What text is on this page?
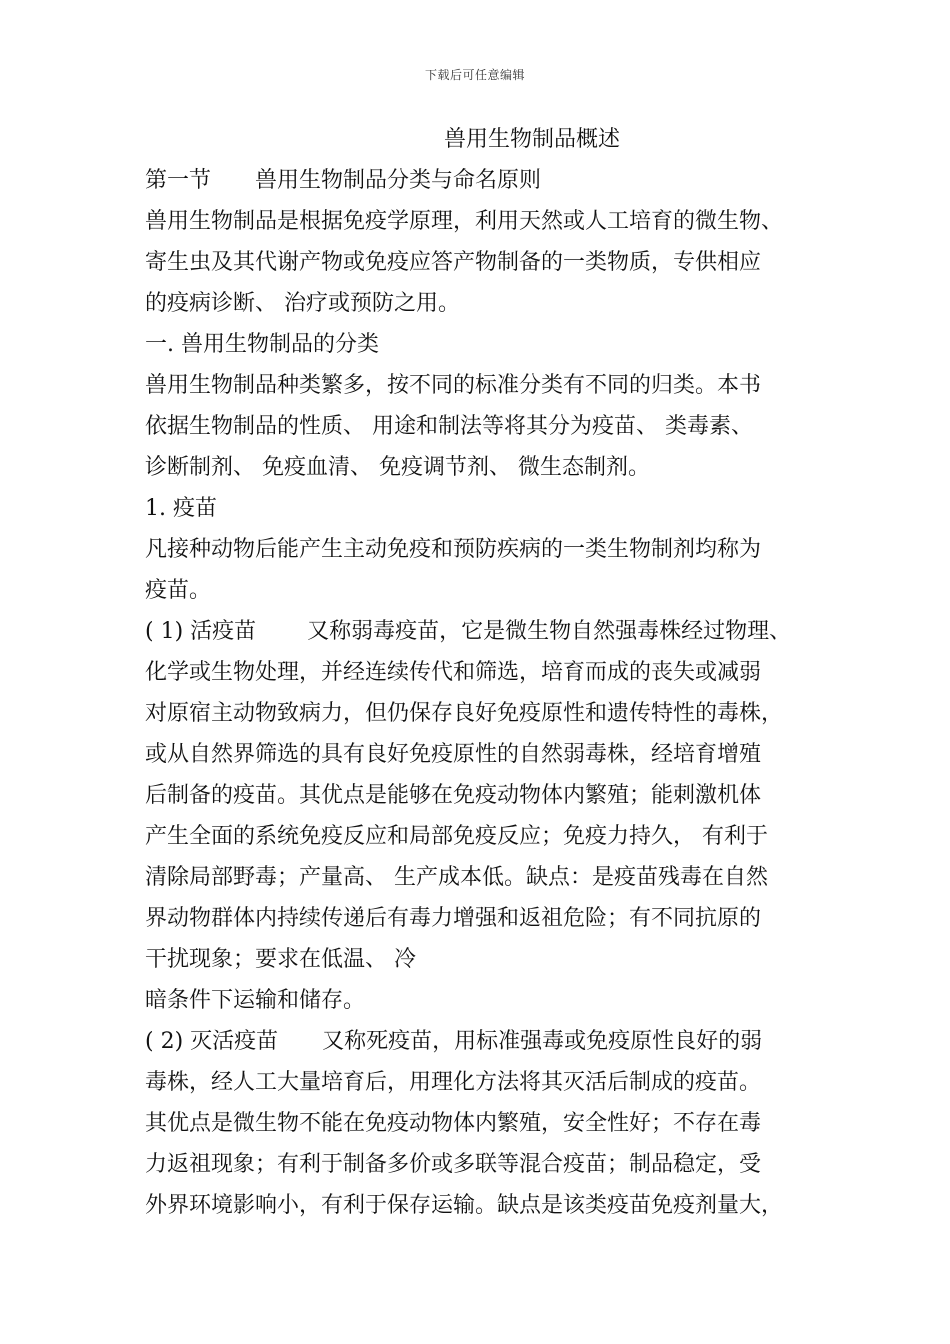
下载后可任意编辑
兽用生物制品概述
第一节　　兽用生物制品分类与命名原则
兽用生物制品是根据免疫学原理，利用天然或人工培育的微生物、
寄生虫及其代谢产物或免疫应答产物制备的一类物质，专供相应
的疫病诊断、 治疗或预防之用。
一. 兽用生物制品的分类
兽用生物制品种类繁多，按不同的标准分类有不同的归类。本书
依据生物制品的性质、 用途和制法等将其分为疫苗、 类毒素、
诊断制剂、 免疫血清、 免疫调节剂、 微生态制剂。
1. 疫苗
凡接种动物后能产生主动免疫和预防疾病的一类生物制剂均称为
疫苗。
( 1) 活疫苗　　 又称弱毒疫苗，它是微生物自然强毒株经过物理、
化学或生物处理，并经连续传代和筛选，培育而成的丧失或减弱
对原宿主动物致病力，但仍保存良好免疫原性和遗传特性的毒株，
或从自然界筛选的具有良好免疫原性的自然弱毒株，经培育增殖
后制备的疫苗。其优点是能够在免疫动物体内繁殖；能刺激机体
产生全面的系统免疫反应和局部免疫反应；免疫力持久， 有利于
清除局部野毒；产量高、 生产成本低。缺点：是疫苗残毒在自然
界动物群体内持续传递后有毒力增强和返祖危险；有不同抗原的
干扰现象；要求在低温、 冷
暗条件下运输和储存。
( 2) 灭活疫苗　　又称死疫苗，用标准强毒或免疫原性良好的弱
毒株，经人工大量培育后，用理化方法将其灭活后制成的疫苗。
其优点是微生物不能在免疫动物体内繁殖，安全性好；不存在毒
力返祖现象；有利于制备多价或多联等混合疫苗；制品稳定，受
外界环境影响小，有利于保存运输。缺点是该类疫苗免疫剂量大，
